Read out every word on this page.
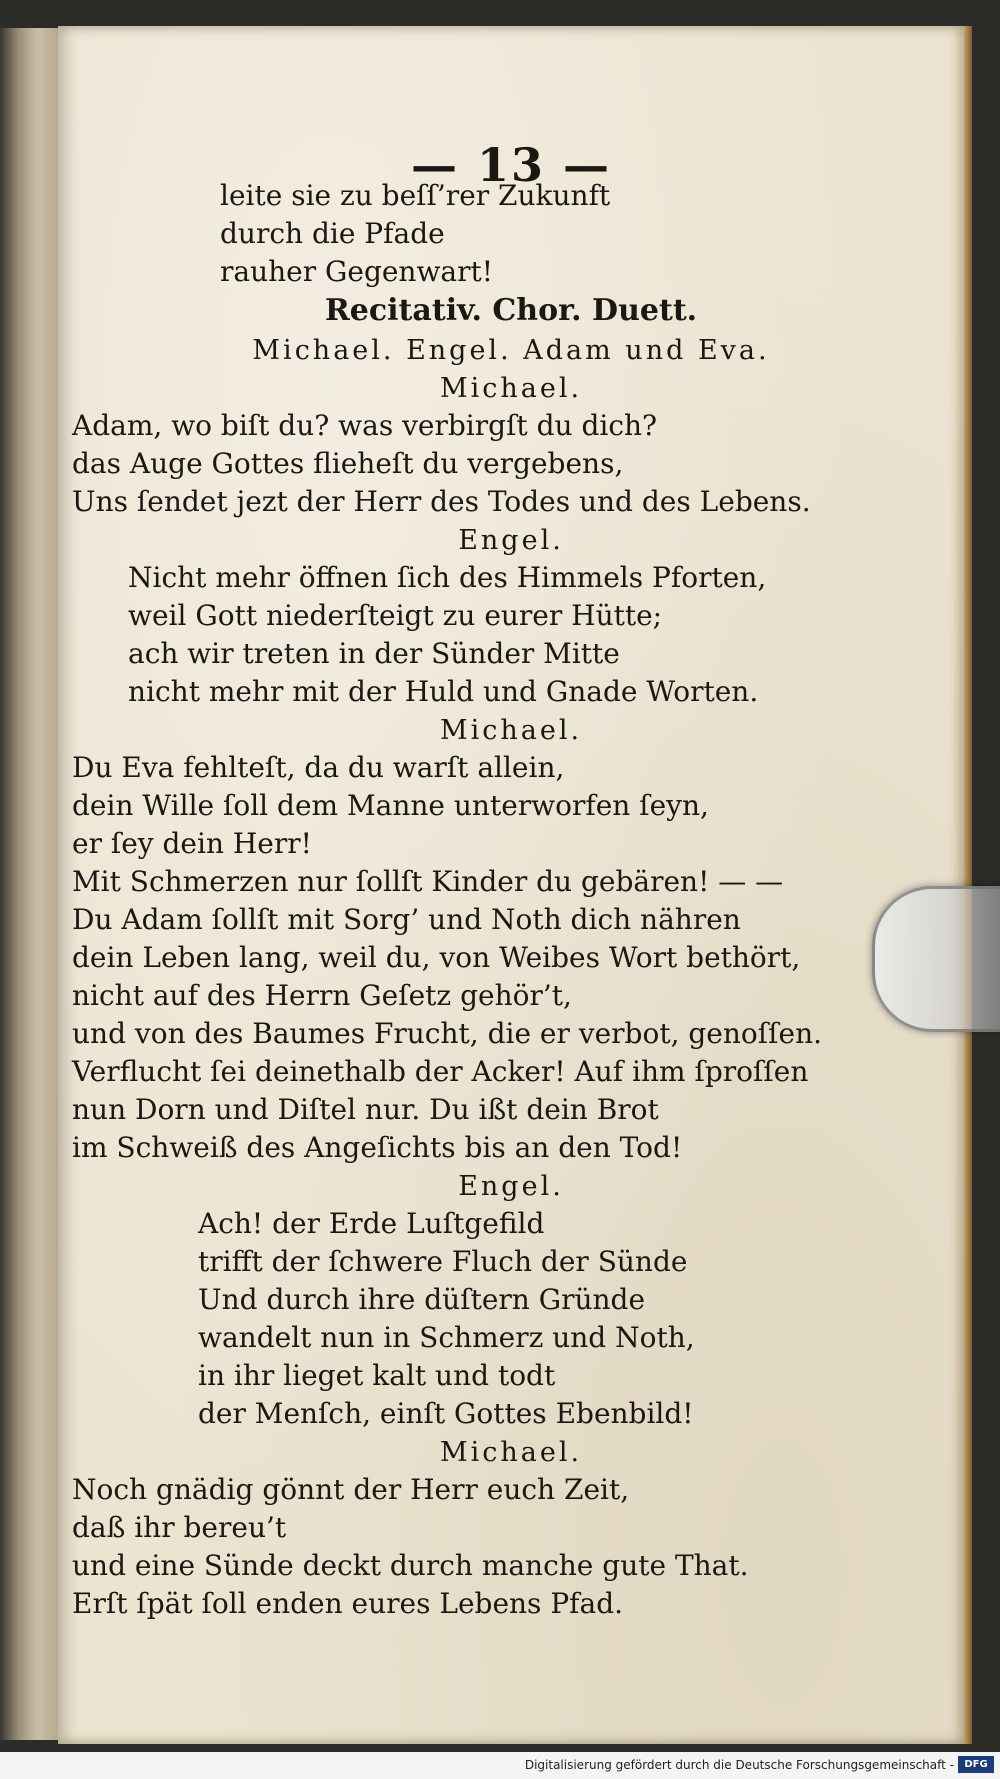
— 13 —
leite sie zu beſſ’rer Zukunft
durch die Pfade
rauher Gegenwart!
Recitativ. Chor. Duett.
Michael. Engel. Adam und Eva.
Michael.
Adam, wo biſt du? was verbirgſt du dich?
das Auge Gottes flieheſt du vergebens,
Uns ſendet jezt der Herr des Todes und des Lebens.
Engel.
Nicht mehr öffnen ſich des Himmels Pforten,
weil Gott niederſteigt zu eurer Hütte;
ach wir treten in der Sünder Mitte
nicht mehr mit der Huld und Gnade Worten.
Michael.
Du Eva fehlteſt, da du warſt allein,
dein Wille ſoll dem Manne unterworfen ſeyn,
er ſey dein Herr!
Mit Schmerzen nur ſollſt Kinder du gebären! — —
Du Adam ſollſt mit Sorg’ und Noth dich nähren
dein Leben lang, weil du, von Weibes Wort bethört,
nicht auf des Herrn Geſetz gehör’t,
und von des Baumes Frucht, die er verbot, genoſſen.
Verflucht ſei deinethalb der Acker! Auf ihm ſproſſen
nun Dorn und Diſtel nur. Du ißt dein Brot
im Schweiß des Angeſichts bis an den Tod!
Engel.
Ach! der Erde Luſtgefild
trifft der ſchwere Fluch der Sünde
Und durch ihre düſtern Gründe
wandelt nun in Schmerz und Noth,
in ihr lieget kalt und todt
der Menſch, einſt Gottes Ebenbild!
Michael.
Noch gnädig gönnt der Herr euch Zeit,
daß ihr bereu’t
und eine Sünde deckt durch manche gute That.
Erſt ſpät ſoll enden eures Lebens Pfad.
Digitalisierung gefördert durch die Deutsche Forschungsgemeinschaft -	DFG
